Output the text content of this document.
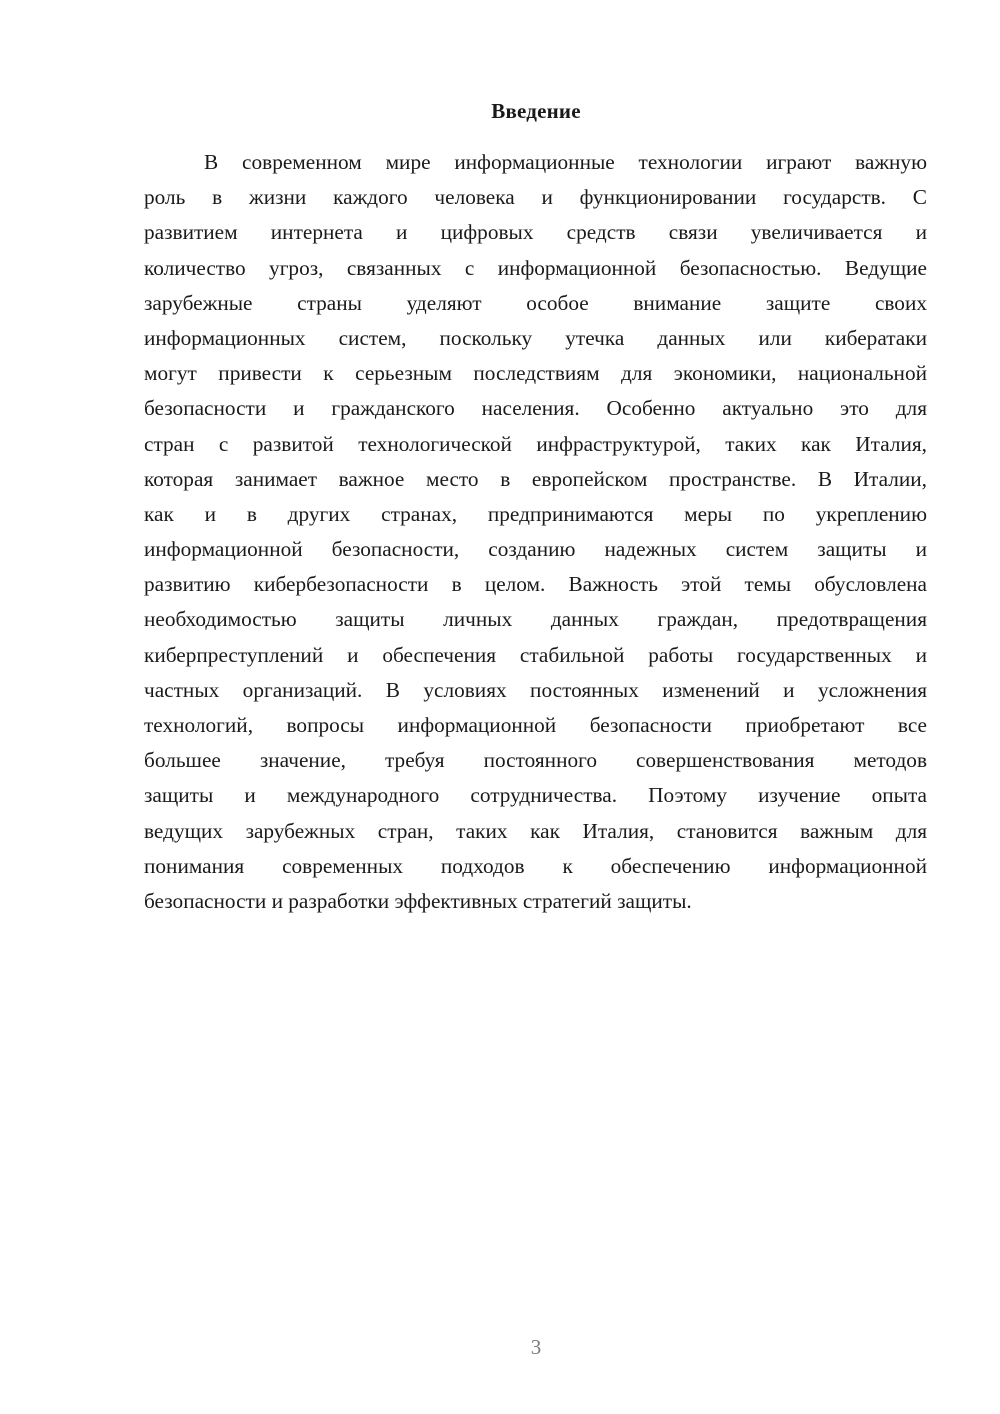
Введение
В современном мире информационные технологии играют важную
роль в жизни каждого человека и функционировании государств. С
развитием интернета и цифровых средств связи увеличивается и
количество угроз, связанных с информационной безопасностью. Ведущие
зарубежные страны уделяют особое внимание защите своих
информационных систем, поскольку утечка данных или кибератаки
могут привести к серьезным последствиям для экономики, национальной
безопасности и гражданского населения. Особенно актуально это для
стран с развитой технологической инфраструктурой, таких как Италия,
которая занимает важное место в европейском пространстве. В Италии,
как и в других странах, предпринимаются меры по укреплению
информационной безопасности, созданию надежных систем защиты и
развитию кибербезопасности в целом. Важность этой темы обусловлена
необходимостью защиты личных данных граждан, предотвращения
киберпреступлений и обеспечения стабильной работы государственных и
частных организаций. В условиях постоянных изменений и усложнения
технологий, вопросы информационной безопасности приобретают все
большее значение, требуя постоянного совершенствования методов
защиты и международного сотрудничества. Поэтому изучение опыта
ведущих зарубежных стран, таких как Италия, становится важным для
понимания современных подходов к обеспечению информационной
безопасности и разработки эффективных стратегий защиты.
3
